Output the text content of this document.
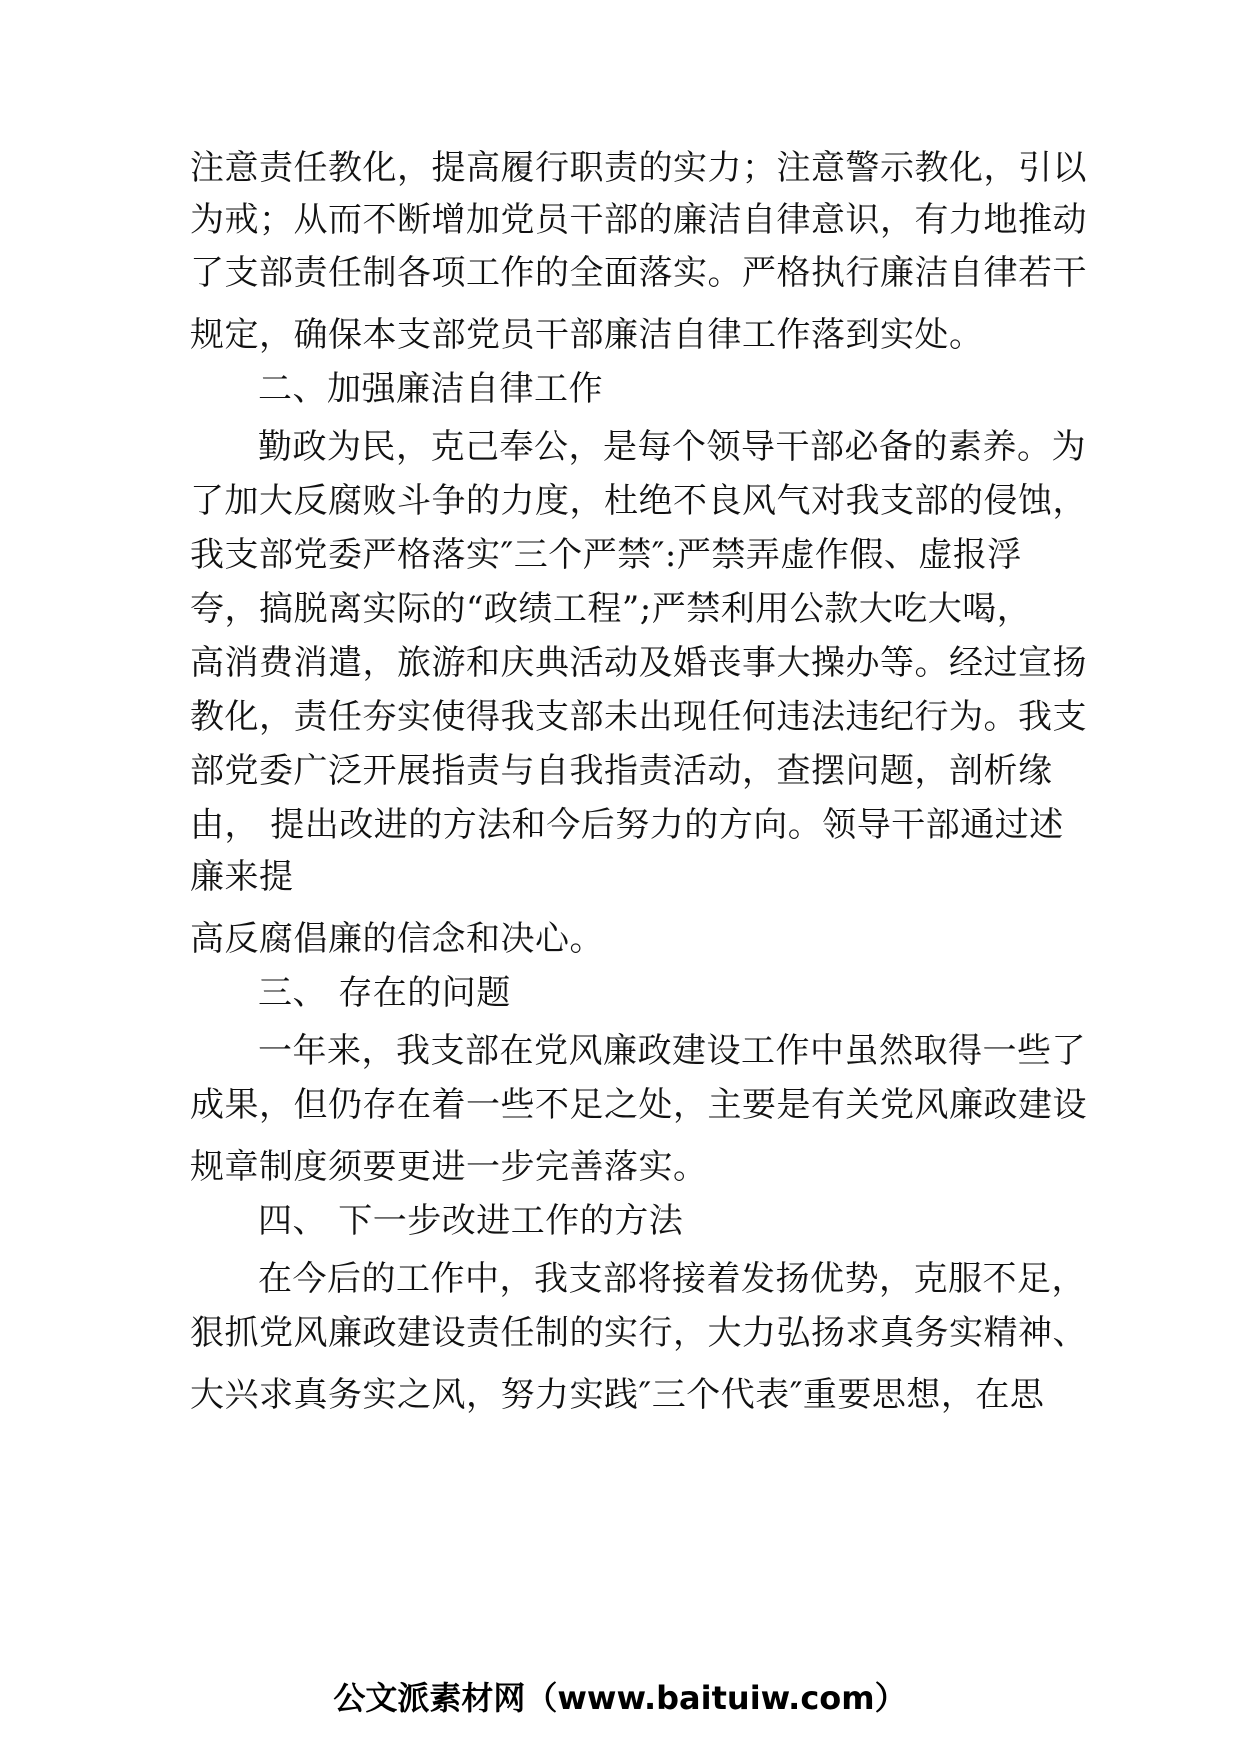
注意责任教化，提高履行职责的实力；注意警示教化，引以
为戒；从而不断增加党员干部的廉洁自律意识，有力地推动
了支部责任制各项工作的全面落实。严格执行廉洁自律若干
规定，确保本支部党员干部廉洁自律工作落到实处。
二、加强廉洁自律工作
勤政为民，克己奉公，是每个领导干部必备的素养。为
了加大反腐败斗争的力度，杜绝不良风气对我支部的侵蚀，
我支部党委严格落实″三个严禁″:严禁弄虚作假、虚报浮
夸，搞脱离实际的“政绩工程”;严禁利用公款大吃大喝，
高消费消遣，旅游和庆典活动及婚丧事大操办等。经过宣扬
教化，责任夯实使得我支部未出现任何违法违纪行为。我支
部党委广泛开展指责与自我指责活动，查摆问题，剖析缘
由， 提出改进的方法和今后努力的方向。领导干部通过述
廉来提
高反腐倡廉的信念和决心。
三、 存在的问题
一年来，我支部在党风廉政建设工作中虽然取得一些了
成果，但仍存在着一些不足之处，主要是有关党风廉政建设
规章制度须要更进一步完善落实。
四、 下一步改进工作的方法
在今后的工作中，我支部将接着发扬优势，克服不足，
狠抓党风廉政建设责任制的实行，大力弘扬求真务实精神、
大兴求真务实之风，努力实践″三个代表″重要思想，在思
公文派素材网（www.baituiw.com）
